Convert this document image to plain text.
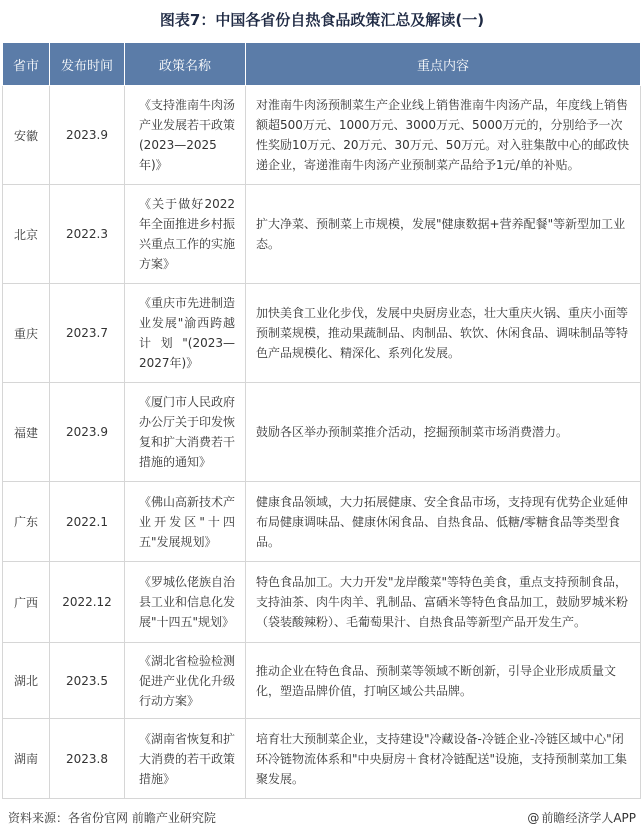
图表7：中国各省份自热食品政策汇总及解读(一)
省市	发布时间	政策名称	重点内容
安徽	2023.9	《支持淮南牛肉汤产业发展若干政策(2023—2025年)》	对淮南牛肉汤预制菜生产企业线上销售淮南牛肉汤产品，年度线上销售额超500万元、1000万元、3000万元、5000万元的，分别给予一次性奖励10万元、20万元、30万元、50万元。对入驻集散中心的邮政快递企业，寄递淮南牛肉汤产业预制菜产品给予1元/单的补贴。
北京	2022.3	《关于做好2022年全面推进乡村振兴重点工作的实施方案》	扩大净菜、预制菜上市规模，发展"健康数据+营养配餐"等新型加工业态。
重庆	2023.7	《重庆市先进制造业发展"渝西跨越计划"(2023—2027年)》	加快美食工业化步伐，发展中央厨房业态，壮大重庆火锅、重庆小面等预制菜规模，推动果蔬制品、肉制品、软饮、休闲食品、调味制品等特色产品规模化、精深化、系列化发展。
福建	2023.9	《厦门市人民政府办公厅关于印发恢复和扩大消费若干措施的通知》	鼓励各区举办预制菜推介活动，挖掘预制菜市场消费潜力。
广东	2022.1	《佛山高新技术产业开发区"十四五"发展规划》	健康食品领域，大力拓展健康、安全食品市场，支持现有优势企业延伸布局健康调味品、健康休闲食品、自热食品、低糖/零糖食品等类型食品。
广西	2022.12	《罗城仫佬族自治县工业和信息化发展"十四五"规划》	特色食品加工。大力开发"龙岸酸菜"等特色美食，重点支持预制食品，支持油茶、肉牛肉羊、乳制品、富硒米等特色食品加工，鼓励罗城米粉（袋装酸辣粉）、毛葡萄果汁、自热食品等新型产品开发生产。
湖北	2023.5	《湖北省检验检测促进产业优化升级行动方案》	推动企业在特色食品、预制菜等领域不断创新，引导企业形成质量文化，塑造品牌价值，打响区域公共品牌。
湖南	2023.8	《湖南省恢复和扩大消费的若干政策措施》	培育壮大预制菜企业，支持建设"冷藏设备-冷链企业-冷链区域中心"闭环冷链物流体系和"中央厨房＋食材冷链配送"设施，支持预制菜加工集聚发展。
资料来源：各省份官网 前瞻产业研究院	@ 前瞻经济学人APP
